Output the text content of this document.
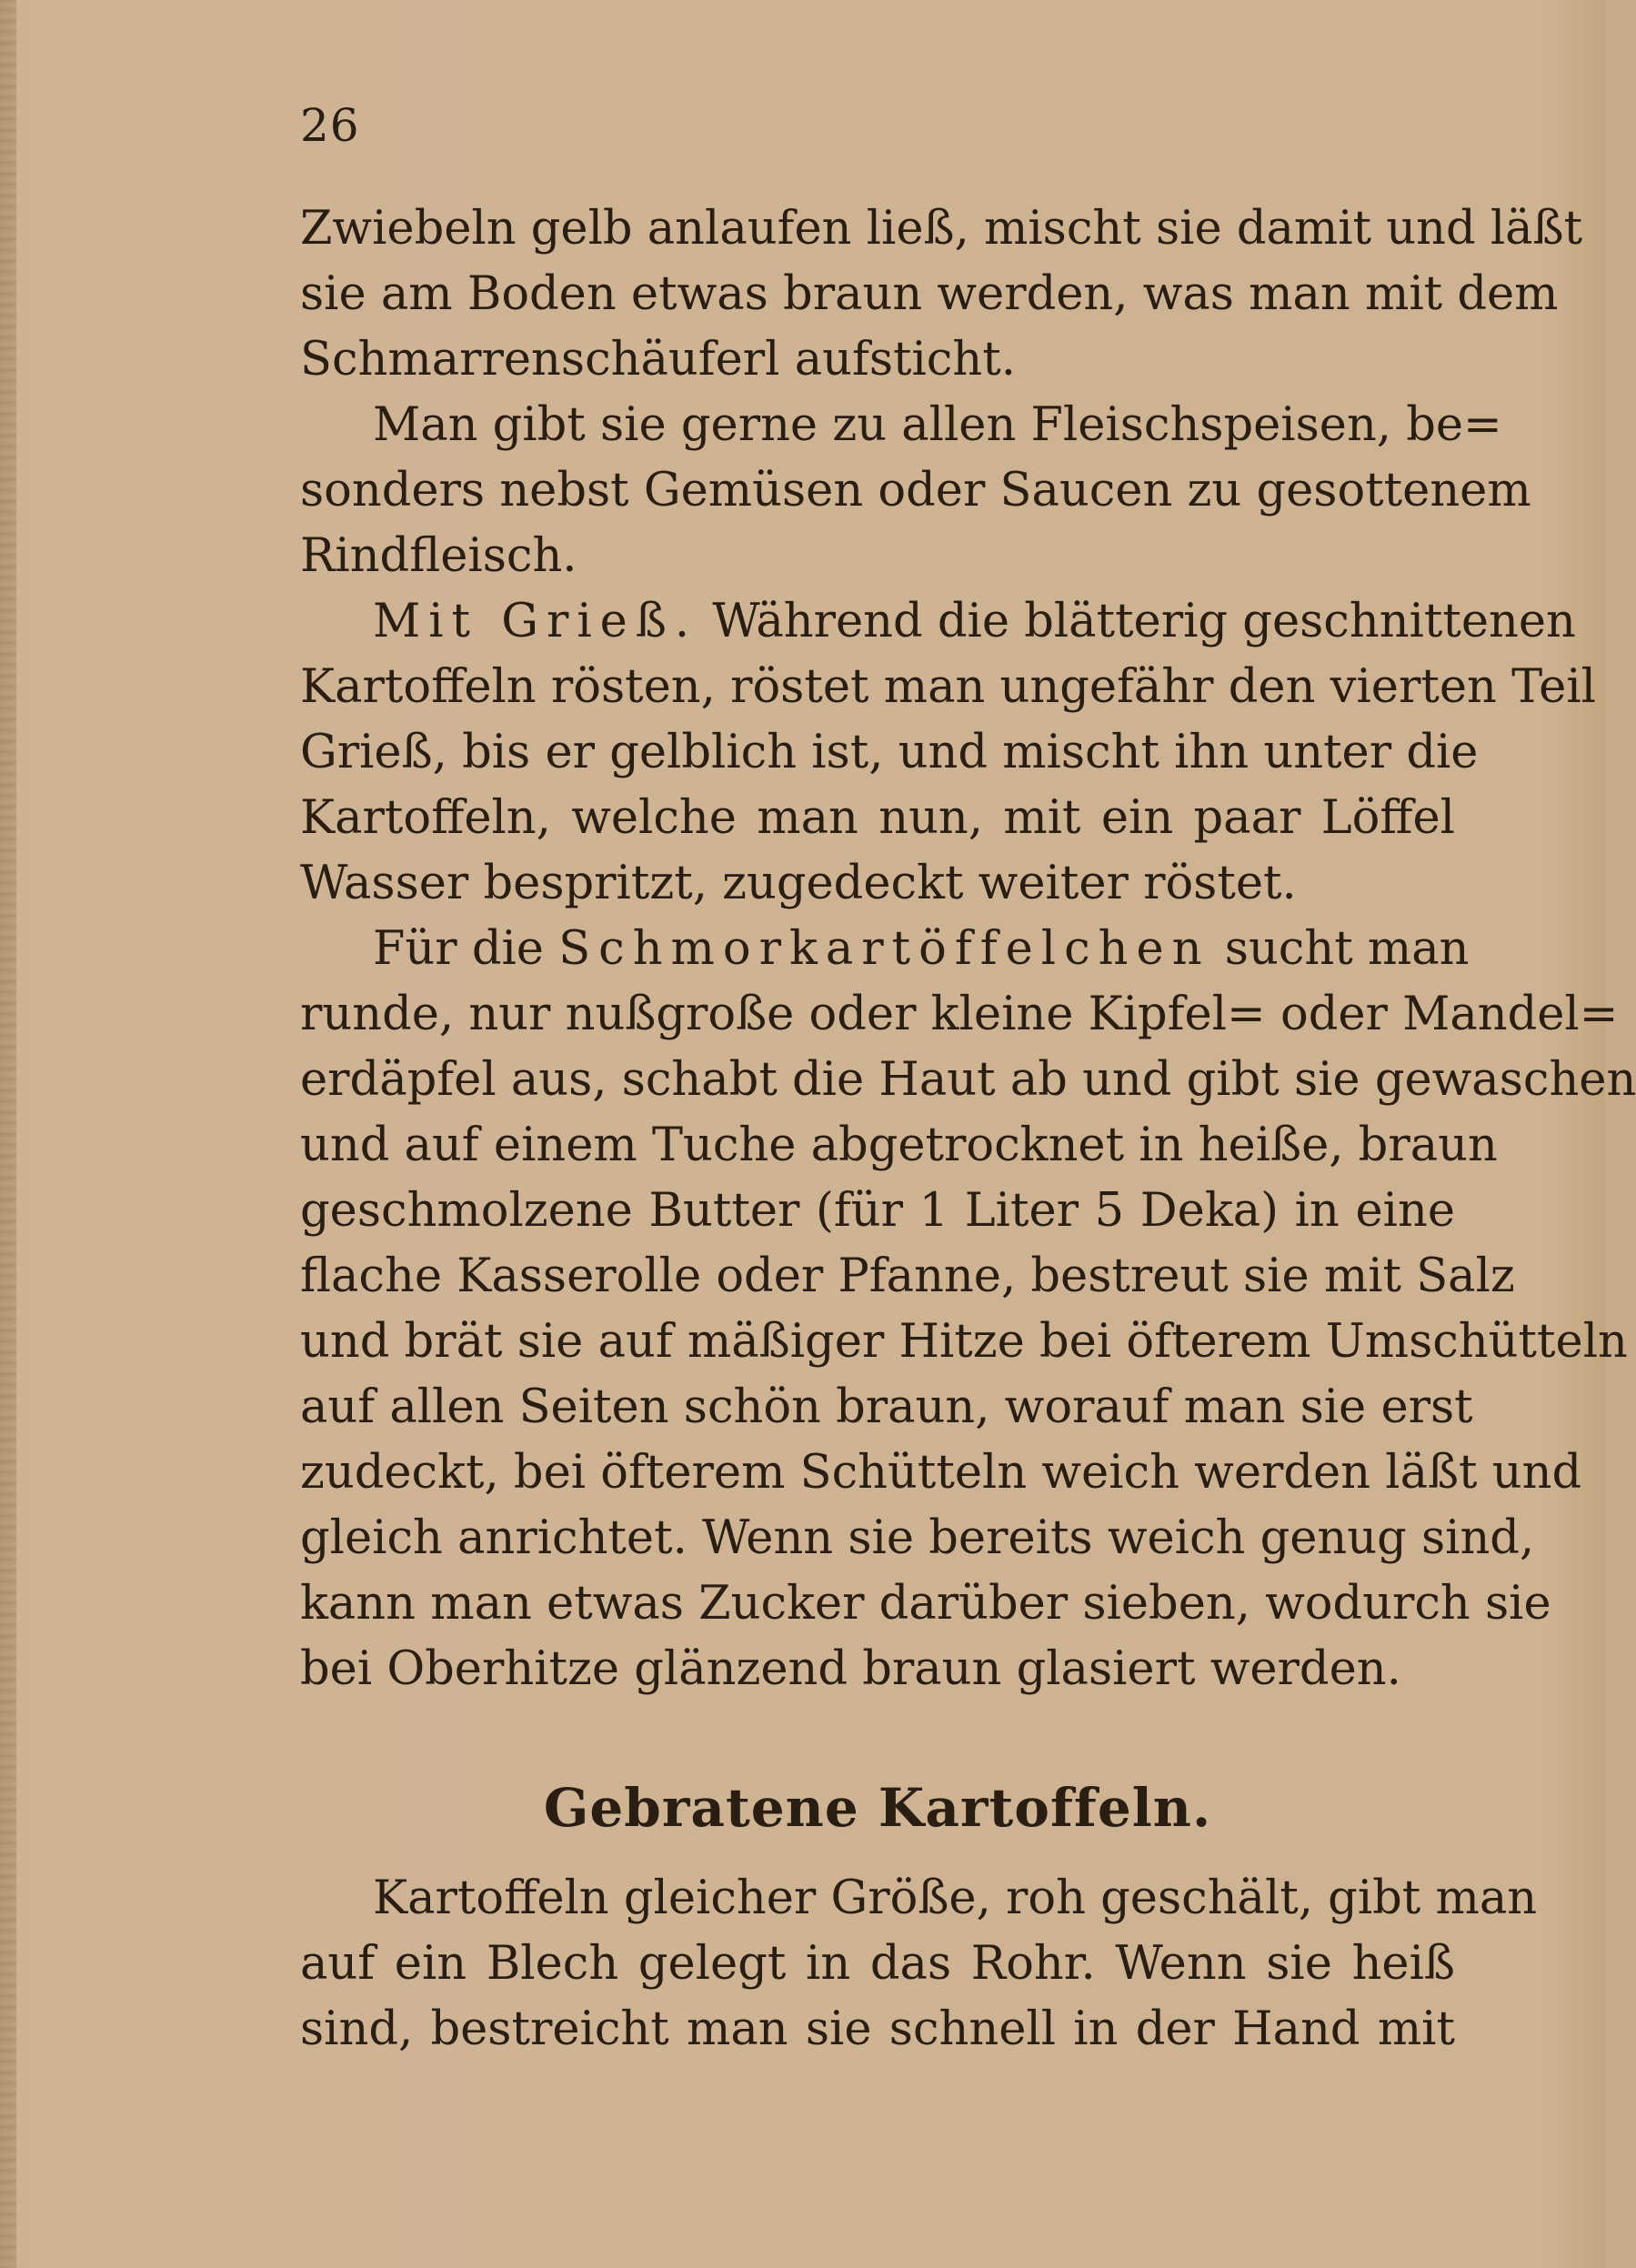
26
Zwiebeln gelb anlaufen ließ, mischt sie damit und läßt
sie am Boden etwas braun werden, was man mit dem
Schmarrenschäuferl aufsticht.
Man gibt sie gerne zu allen Fleischspeisen, be=
sonders nebst Gemüsen oder Saucen zu gesottenem
Rindfleisch.
Mit Grieß. Während die blätterig geschnittenen
Kartoffeln rösten, röstet man ungefähr den vierten Teil
Grieß, bis er gelblich ist, und mischt ihn unter die
Kartoffeln, welche man nun, mit ein paar Löffel
Wasser bespritzt, zugedeckt weiter röstet.
Für die Schmorkartöffelchen sucht man
runde, nur nußgroße oder kleine Kipfel= oder Mandel=
erdäpfel aus, schabt die Haut ab und gibt sie gewaschen
und auf einem Tuche abgetrocknet in heiße, braun
geschmolzene Butter (für 1 Liter 5 Deka) in eine
flache Kasserolle oder Pfanne, bestreut sie mit Salz
und brät sie auf mäßiger Hitze bei öfterem Umschütteln
auf allen Seiten schön braun, worauf man sie erst
zudeckt, bei öfterem Schütteln weich werden läßt und
gleich anrichtet. Wenn sie bereits weich genug sind,
kann man etwas Zucker darüber sieben, wodurch sie
bei Oberhitze glänzend braun glasiert werden.
Gebratene Kartoffeln.
Kartoffeln gleicher Größe, roh geschält, gibt man
auf ein Blech gelegt in das Rohr. Wenn sie heiß
sind, bestreicht man sie schnell in der Hand mit
